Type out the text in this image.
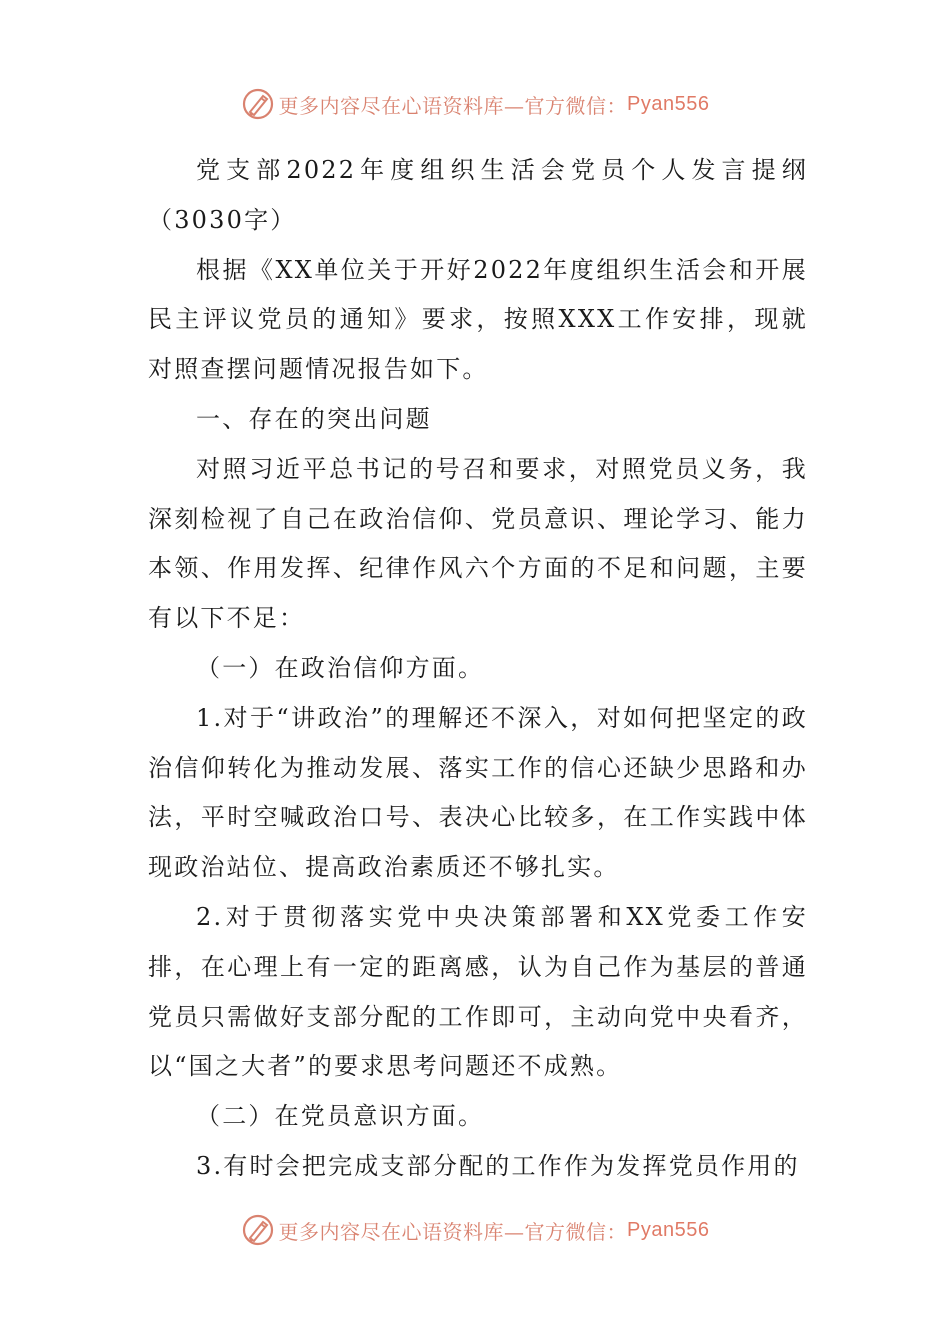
更多内容尽在心语资料库—官方微信： Pyan556

党支部2022年度组织生活会党员个人发言提纲（3030字）

根据《XX单位关于开好2022年度组织生活会和开展民主评议党员的通知》要求，按照XXX工作安排，现就对照查摆问题情况报告如下。

一、存在的突出问题

对照习近平总书记的号召和要求，对照党员义务，我深刻检视了自己在政治信仰、党员意识、理论学习、能力本领、作用发挥、纪律作风六个方面的不足和问题，主要有以下不足：

（一）在政治信仰方面。

1.对于“讲政治”的理解还不深入，对如何把坚定的政治信仰转化为推动发展、落实工作的信心还缺少思路和办法，平时空喊政治口号、表决心比较多，在工作实践中体现政治站位、提高政治素质还不够扎实。

2.对于贯彻落实党中央决策部署和XX党委工作安排，在心理上有一定的距离感，认为自己作为基层的普通党员只需做好支部分配的工作即可，主动向党中央看齐，以“国之大者”的要求思考问题还不成熟。

（二）在党员意识方面。

3.有时会把完成支部分配的工作作为发挥党员作用的

更多内容尽在心语资料库—官方微信： Pyan556
